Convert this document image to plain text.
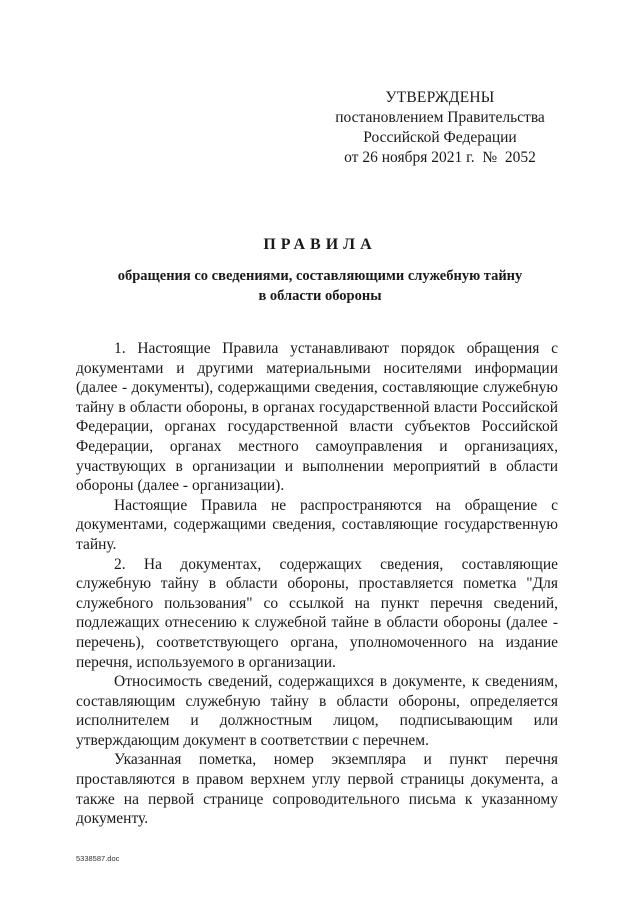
УТВЕРЖДЕНЫ
постановлением Правительства
Российской Федерации
от 26 ноября 2021 г.  №  2052
ПРАВИЛА
обращения со сведениями, составляющими служебную тайну
в области обороны

1. Настоящие Правила устанавливают порядок обращения с документами и другими материальными носителями информации (далее - документы), содержащими сведения, составляющие служебную тайну в области обороны, в органах государственной власти Российской Федерации, органах государственной власти субъектов Российской Федерации, органах местного самоуправления и организациях, участвующих в организации и выполнении мероприятий в области обороны (далее - организации).

Настоящие Правила не распространяются на обращение с документами, содержащими сведения, составляющие государственную тайну.

2. На документах, содержащих сведения, составляющие служебную тайну в области обороны, проставляется пометка "Для служебного пользования" со ссылкой на пункт перечня сведений, подлежащих отнесению к служебной тайне в области обороны (далее - перечень), соответствующего органа, уполномоченного на издание перечня, используемого в организации.

Относимость сведений, содержащихся в документе, к сведениям, составляющим служебную тайну в области обороны, определяется исполнителем и должностным лицом, подписывающим или утверждающим документ в соответствии с перечнем.

Указанная пометка, номер экземпляра и пункт перечня проставляются в правом верхнем углу первой страницы документа, а также на первой странице сопроводительного письма к указанному документу.

5338587.doc
